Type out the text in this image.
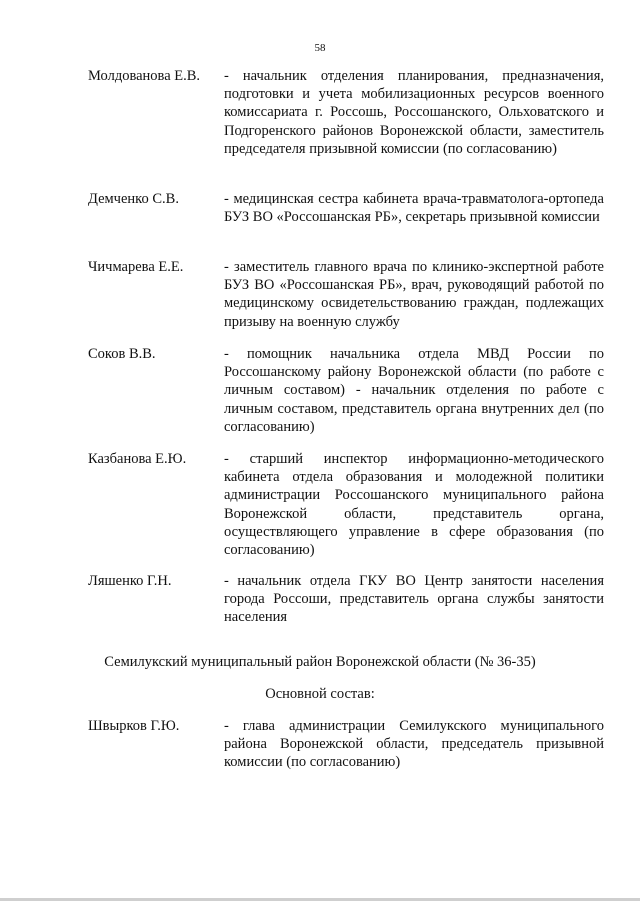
58
Молдованова Е.В.	- начальник отделения планирования, предназначения, подготовки и учета мобилизационных ресурсов военного комиссариата г. Россошь, Россошанского, Ольховатского и Подгоренского районов Воронежской области, заместитель председателя призывной комиссии (по согласованию)
Демченко С.В.	- медицинская сестра кабинета врача-травматолога-ортопеда БУЗ ВО «Россошанская РБ», секретарь призывной комиссии
Чичмарева Е.Е.	- заместитель главного врача по клинико-экспертной работе БУЗ ВО «Россошанская РБ», врач, руководящий работой по медицинскому освидетельствованию граждан, подлежащих призыву на военную службу
Соков В.В.	- помощник начальника отдела МВД России по Россошанскому району Воронежской области (по работе с личным составом) - начальник отделения по работе с личным составом, представитель органа внутренних дел (по согласованию)
Казбанова Е.Ю.	- старший инспектор информационно-методического кабинета отдела образования и молодежной политики администрации Россошанского муниципального района Воронежской области, представитель органа, осуществляющего управление в сфере образования (по согласованию)
Ляшенко Г.Н.	- начальник отдела ГКУ ВО Центр занятости населения города Россоши, представитель органа службы занятости населения
Семилукский муниципальный район Воронежской области (№ 36-35)
Основной состав:
Швырков Г.Ю.	- глава администрации Семилукского муниципального района Воронежской области, председатель призывной комиссии (по согласованию)
